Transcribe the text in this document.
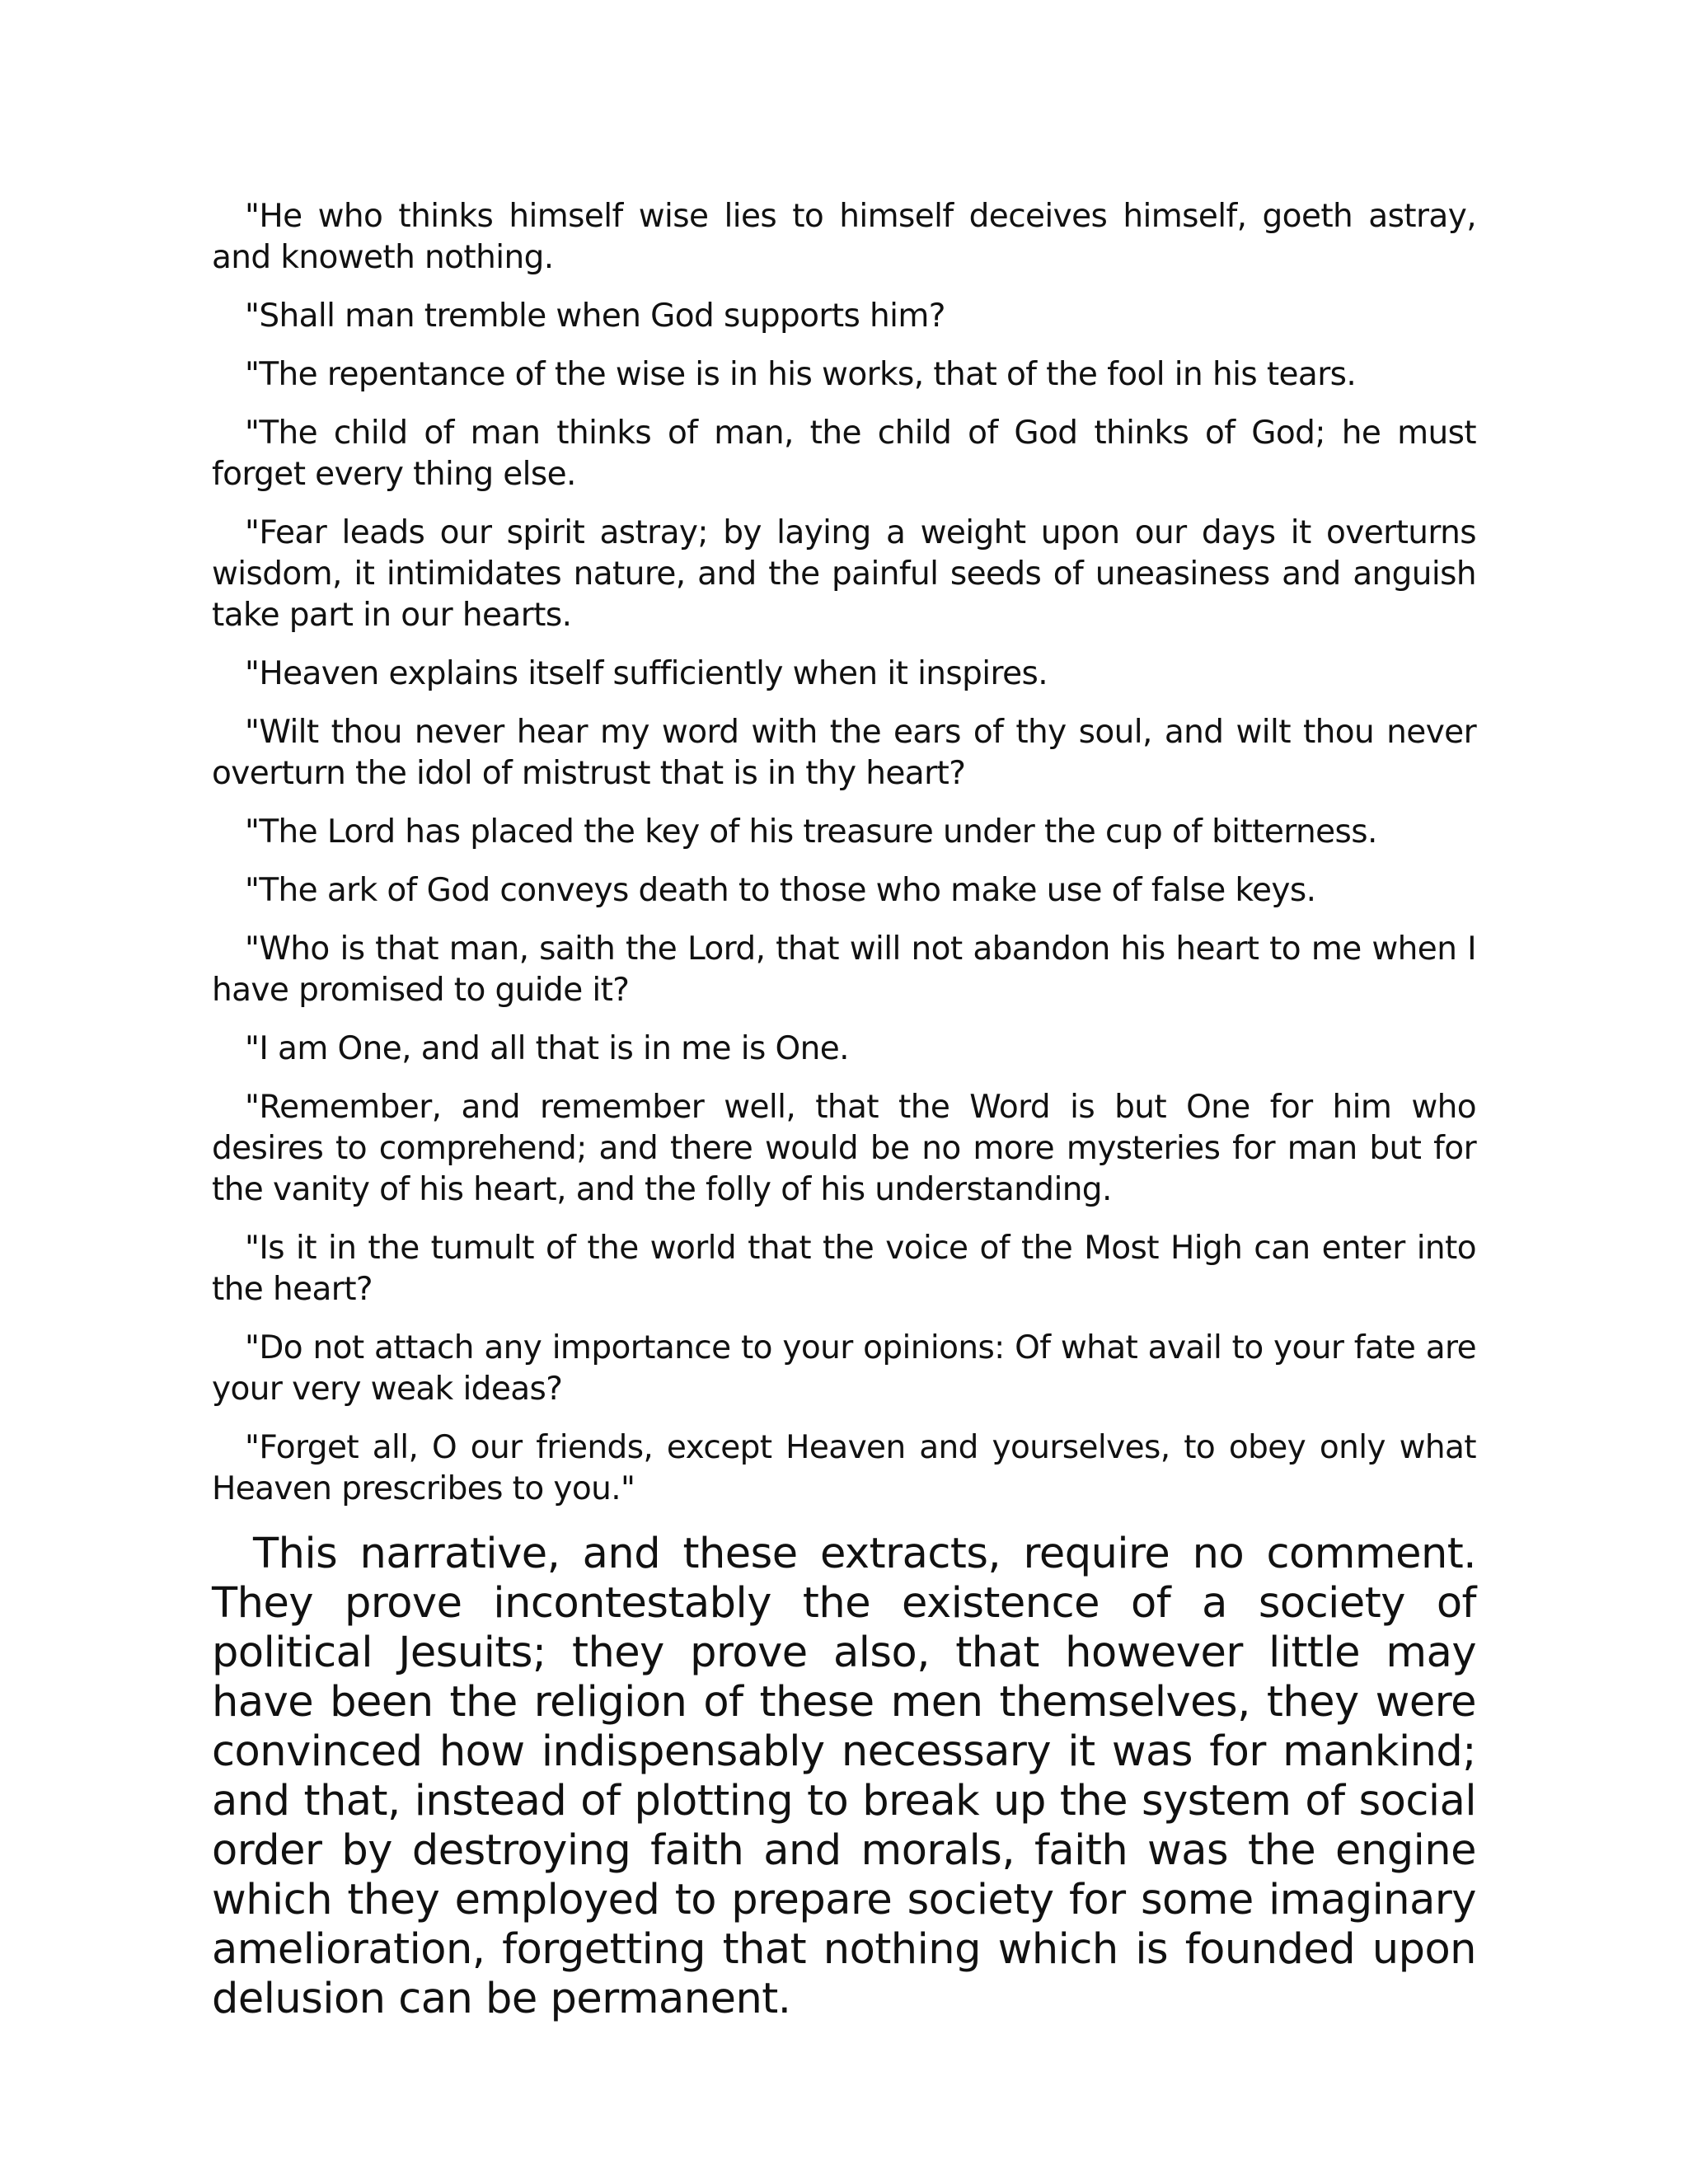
"He who thinks himself wise lies to himself deceives himself, goeth astray, and knoweth nothing.

"Shall man tremble when God supports him?

"The repentance of the wise is in his works, that of the fool in his tears.

"The child of man thinks of man, the child of God thinks of God; he must forget every thing else.

"Fear leads our spirit astray; by laying a weight upon our days it overturns wisdom, it intimidates nature, and the painful seeds of uneasiness and anguish take part in our hearts.

"Heaven explains itself sufficiently when it inspires.

"Wilt thou never hear my word with the ears of thy soul, and wilt thou never overturn the idol of mistrust that is in thy heart?

"The Lord has placed the key of his treasure under the cup of bitterness.

"The ark of God conveys death to those who make use of false keys.

"Who is that man, saith the Lord, that will not abandon his heart to me when I have promised to guide it?

"I am One, and all that is in me is One.

"Remember, and remember well, that the Word is but One for him who desires to comprehend; and there would be no more mysteries for man but for the vanity of his heart, and the folly of his understanding.

"Is it in the tumult of the world that the voice of the Most High can enter into the heart?

"Do not attach any importance to your opinions: Of what avail to your fate are your very weak ideas?

"Forget all, O our friends, except Heaven and yourselves, to obey only what Heaven prescribes to you."

This narrative, and these extracts, require no comment. They prove incontestably the existence of a society of political Jesuits; they prove also, that however little may have been the religion of these men themselves, they were convinced how indispensably necessary it was for mankind; and that, instead of plotting to break up the system of social order by destroying faith and morals, faith was the engine which they employed to prepare society for some imaginary amelioration, forgetting that nothing which is founded upon delusion can be permanent.
